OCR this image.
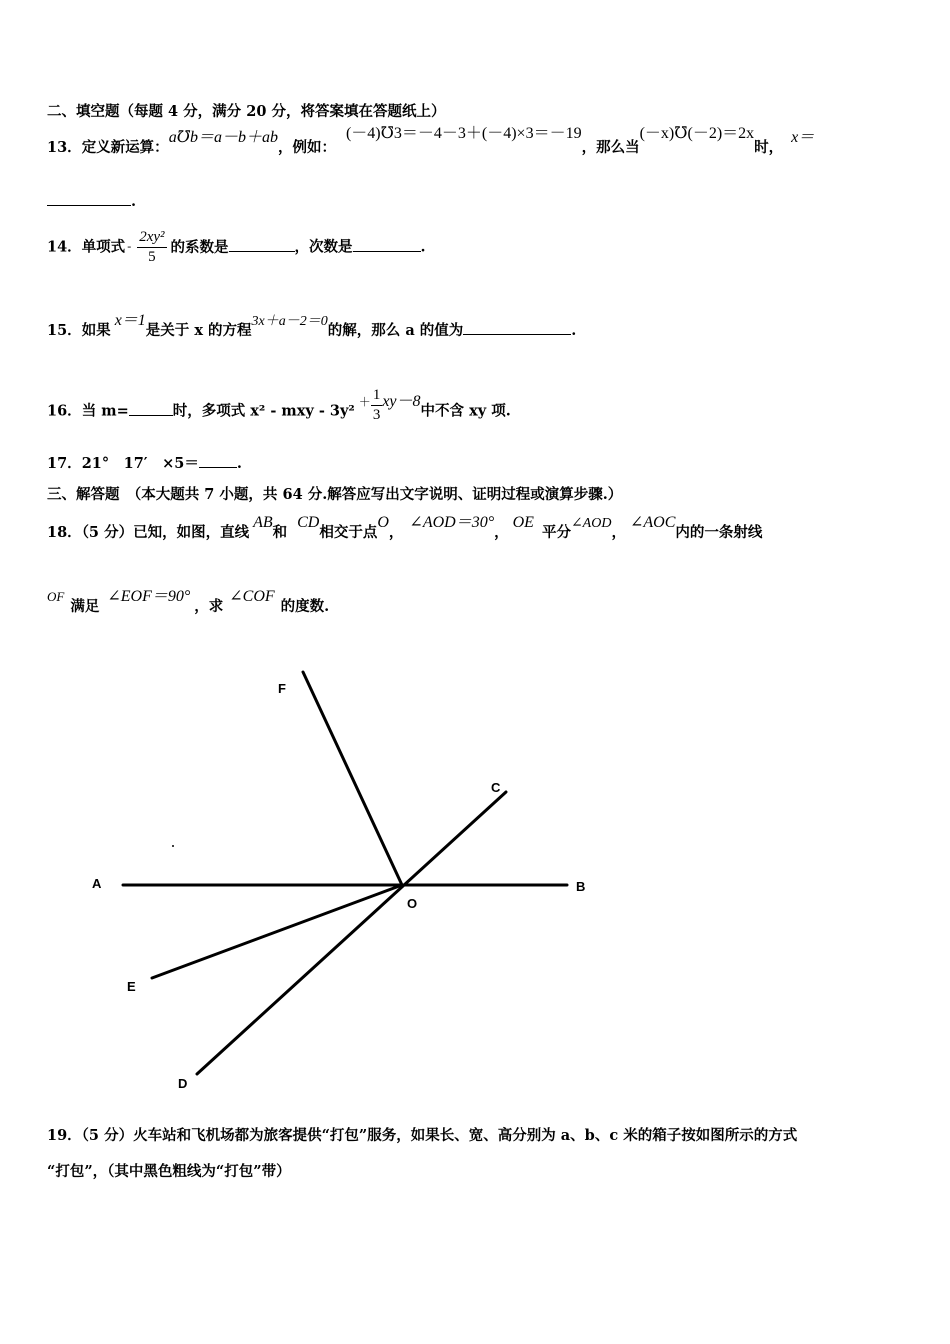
二、填空题（每题 4 分，满分 20 分，将答案填在答题纸上）
13．定义新运算：a℧b＝a－b＋ab，例如：(－4)℧3＝－4－3＋(－4)×3＝－19，那么当(－x)℧(－2)＝2x时，x＝
.
14．单项式 - $\frac{\text{2xy²}}{5}$ 的系数是	，次数是	.
15．如果x＝1是关于 x 的方程3x＋a－2＝0的解，那么 a 的值为	.
16．当 m=	时，多项式 x² - mxy - $3y^2^+ \frac{1}{3} xy-8$中不含 xy 项.
17．21°　17′　×5＝	.
三、解答题　（本大题共 7 小题，共 64 分.解答应写出文字说明、证明过程或演算步骤.）
18．（5 分）已知，如图，直线AB和CD相交于点O，∠AOD＝30°，OE平分∠AOD，∠AOC内的一条射线
OF满足∠EOF＝90°，求∠COF的度数.
A	B
C
D
E
F
O
19．（5 分）火车站和飞机场都为旅客提供“打包”服务，如果长、宽、高分别为 a、b、c 米的箱子按如图所示的方式
“打包”，（其中黑色粗线为“打包”带）
